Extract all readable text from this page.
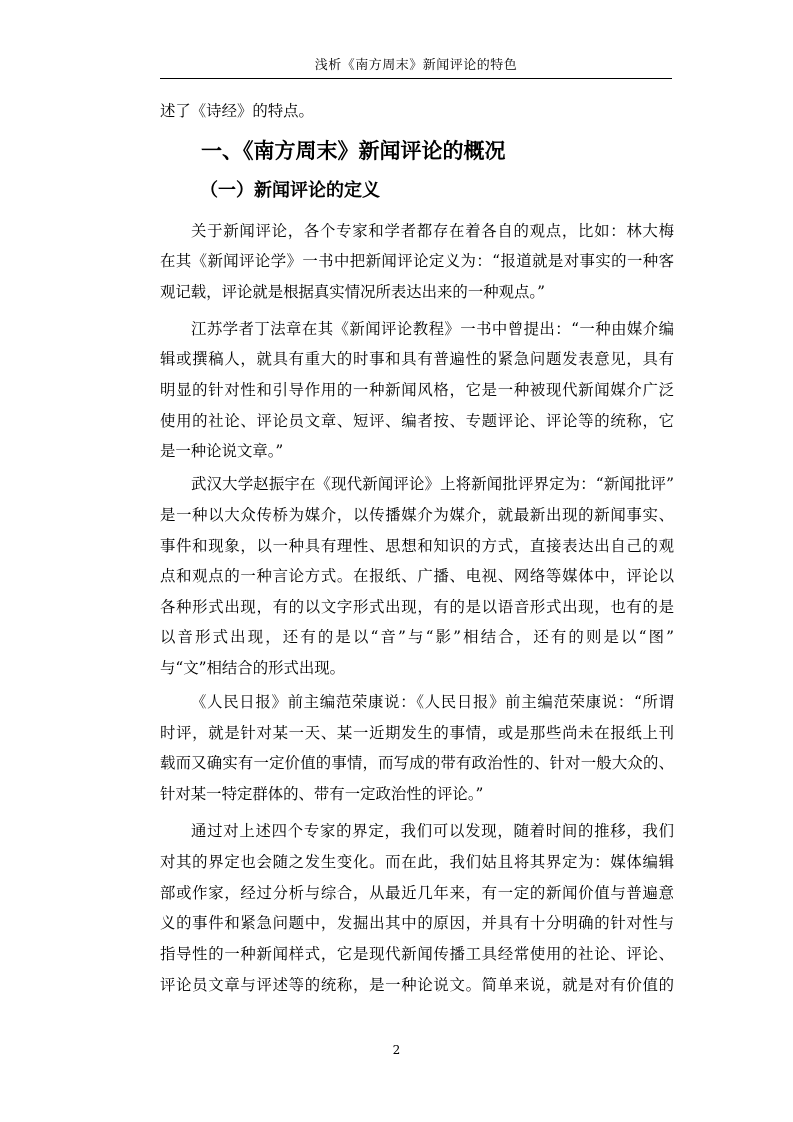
浅析《南方周末》新闻评论的特色
述了《诗经》的特点。
一、《南方周末》新闻评论的概况
（一）新闻评论的定义
关于新闻评论，各个专家和学者都存在着各自的观点，比如：林大梅
在其《新闻评论学》一书中把新闻评论定义为：“报道就是对事实的一种客
观记载，评论就是根据真实情况所表达出来的一种观点。”
江苏学者丁法章在其《新闻评论教程》一书中曾提出：“一种由媒介编
辑或撰稿人，就具有重大的时事和具有普遍性的紧急问题发表意见，具有
明显的针对性和引导作用的一种新闻风格，它是一种被现代新闻媒介广泛
使用的社论、评论员文章、短评、编者按、专题评论、评论等的统称，它
是一种论说文章。”
武汉大学赵振宇在《现代新闻评论》上将新闻批评界定为：“新闻批评”
是一种以大众传桥为媒介，以传播媒介为媒介，就最新出现的新闻事实、
事件和现象，以一种具有理性、思想和知识的方式，直接表达出自己的观
点和观点的一种言论方式。在报纸、广播、电视、网络等媒体中，评论以
各种形式出现，有的以文字形式出现，有的是以语音形式出现，也有的是
以音形式出现，还有的是以“音”与“影”相结合，还有的则是以“图”
与“文”相结合的形式出现。
《人民日报》前主编范荣康说：《人民日报》前主编范荣康说：“所谓
时评，就是针对某一天、某一近期发生的事情，或是那些尚未在报纸上刊
载而又确实有一定价值的事情，而写成的带有政治性的、针对一般大众的、
针对某一特定群体的、带有一定政治性的评论。”
通过对上述四个专家的界定，我们可以发现，随着时间的推移，我们
对其的界定也会随之发生变化。而在此，我们姑且将其界定为：媒体编辑
部或作家，经过分析与综合，从最近几年来，有一定的新闻价值与普遍意
义的事件和紧急问题中，发掘出其中的原因，并具有十分明确的针对性与
指导性的一种新闻样式，它是现代新闻传播工具经常使用的社论、评论、
评论员文章与评述等的统称，是一种论说文。简单来说，就是对有价值的
2
